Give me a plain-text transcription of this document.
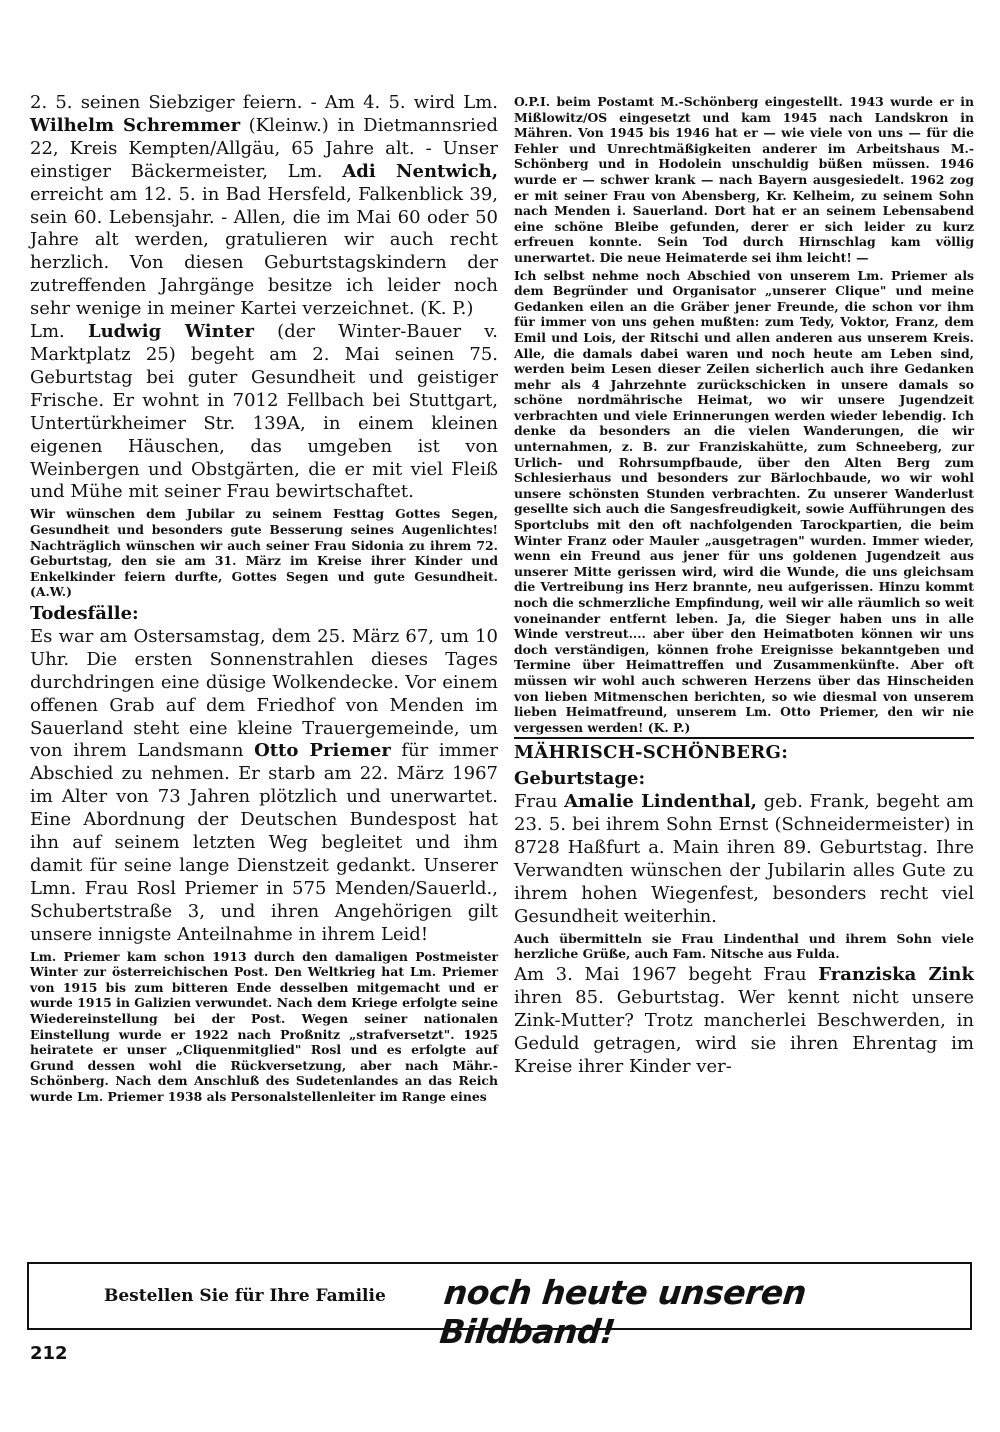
2. 5. seinen Siebziger feiern. - Am 4. 5. wird Lm. Wilhelm Schremmer (Kleinw.) in Dietmannsried 22, Kreis Kempten/Allgäu, 65 Jahre alt. - Unser einstiger Bäckermeister, Lm. Adi Nentwich, erreicht am 12. 5. in Bad Hersfeld, Falkenblick 39, sein 60. Lebensjahr. - Allen, die im Mai 60 oder 50 Jahre alt werden, gratulieren wir auch recht herzlich. Von diesen Geburtstagskindern der zutreffenden Jahrgänge besitze ich leider noch sehr wenige in meiner Kartei verzeichnet. (K. P.)

Lm. Ludwig Winter (der Winter-Bauer v. Marktplatz 25) begeht am 2. Mai seinen 75. Geburtstag bei guter Gesundheit und geistiger Frische. Er wohnt in 7012 Fellbach bei Stuttgart, Untertürkheimer Str. 139A, in einem kleinen eigenen Häuschen, das umgeben ist von Weinbergen und Obstgärten, die er mit viel Fleiß und Mühe mit seiner Frau bewirtschaftet.

Wir wünschen dem Jubilar zu seinem Festtag Gottes Segen, Gesundheit und besonders gute Besserung seines Augenlichtes! Nachträglich wünschen wir auch seiner Frau Sidonia zu ihrem 72. Geburtstag, den sie am 31. März im Kreise ihrer Kinder und Enkelkinder feiern durfte, Gottes Segen und gute Gesundheit. (A.W.)

Todesfälle:

Es war am Ostersamstag, dem 25. März 67, um 10 Uhr. Die ersten Sonnenstrahlen dieses Tages durchdringen eine düsige Wolkendecke. Vor einem offenen Grab auf dem Friedhof von Menden im Sauerland steht eine kleine Trauergemeinde, um von ihrem Landsmann Otto Priemer für immer Abschied zu nehmen. Er starb am 22. März 1967 im Alter von 73 Jahren plötzlich und unerwartet. Eine Abordnung der Deutschen Bundespost hat ihn auf seinem letzten Weg begleitet und ihm damit für seine lange Dienstzeit gedankt. Unserer Lmn. Frau Rosl Priemer in 575 Menden/Sauerld., Schubertstraße 3, und ihren Angehörigen gilt unsere innigste Anteilnahme in ihrem Leid!

Lm. Priemer kam schon 1913 durch den damaligen Postmeister Winter zur österreichischen Post. Den Weltkrieg hat Lm. Priemer von 1915 bis zum bitteren Ende desselben mitgemacht und er wurde 1915 in Galizien verwundet. Nach dem Kriege erfolgte seine Wiedereinstellung bei der Post. Wegen seiner nationalen Einstellung wurde er 1922 nach Proßnitz „strafversetzt". 1925 heiratete er unser „Cliquenmitglied" Rosl und es erfolgte auf Grund dessen wohl die Rückversetzung, aber nach Mähr.-Schönberg. Nach dem Anschluß des Sudetenlandes an das Reich wurde Lm. Priemer 1938 als Personalstellenleiter im Range eines

O.P.I. beim Postamt M.-Schönberg eingestellt. 1943 wurde er in Mißlowitz/OS eingesetzt und kam 1945 nach Landskron in Mähren. Von 1945 bis 1946 hat er — wie viele von uns — für die Fehler und Unrechtmäßigkeiten anderer im Arbeitshaus M.-Schönberg und in Hodolein unschuldig büßen müssen. 1946 wurde er — schwer krank — nach Bayern ausgesiedelt. 1962 zog er mit seiner Frau von Abensberg, Kr. Kelheim, zu seinem Sohn nach Menden i. Sauerland. Dort hat er an seinem Lebensabend eine schöne Bleibe gefunden, derer er sich leider zu kurz erfreuen konnte. Sein Tod durch Hirnschlag kam völlig unerwartet. Die neue Heimaterde sei ihm leicht! —

Ich selbst nehme noch Abschied von unserem Lm. Priemer als dem Begründer und Organisator „unserer Clique" und meine Gedanken eilen an die Gräber jener Freunde, die schon vor ihm für immer von uns gehen mußten: zum Tedy, Voktor, Franz, dem Emil und Lois, der Ritschi und allen anderen aus unserem Kreis. Alle, die damals dabei waren und noch heute am Leben sind, werden beim Lesen dieser Zeilen sicherlich auch ihre Gedanken mehr als 4 Jahrzehnte zurückschicken in unsere damals so schöne nordmährische Heimat, wo wir unsere Jugendzeit verbrachten und viele Erinnerungen werden wieder lebendig. Ich denke da besonders an die vielen Wanderungen, die wir unternahmen, z. B. zur Franziskahütte, zum Schneeberg, zur Urlich- und Rohrsumpfbaude, über den Alten Berg zum Schlesierhaus und besonders zur Bärlochbaude, wo wir wohl unsere schönsten Stunden verbrachten. Zu unserer Wanderlust gesellte sich auch die Sangesfreudigkeit, sowie Aufführungen des Sportclubs mit den oft nachfolgenden Tarockpartien, die beim Winter Franz oder Mauler „ausgetragen" wurden. Immer wieder, wenn ein Freund aus jener für uns goldenen Jugendzeit aus unserer Mitte gerissen wird, wird die Wunde, die uns gleichsam die Vertreibung ins Herz brannte, neu aufgerissen. Hinzu kommt noch die schmerzliche Empfindung, weil wir alle räumlich so weit voneinander entfernt leben. Ja, die Sieger haben uns in alle Winde verstreut.... aber über den Heimatboten können wir uns doch verständigen, können frohe Ereignisse bekanntgeben und Termine über Heimattreffen und Zusammenkünfte. Aber oft müssen wir wohl auch schweren Herzens über das Hinscheiden von lieben Mitmenschen berichten, so wie diesmal von unserem lieben Heimatfreund, unserem Lm. Otto Priemer, den wir nie vergessen werden! (K. P.)

MÄHRISCH-SCHÖNBERG:
Geburtstage:

Frau Amalie Lindenthal, geb. Frank, begeht am 23. 5. bei ihrem Sohn Ernst (Schneidermeister) in 8728 Haßfurt a. Main ihren 89. Geburtstag. Ihre Verwandten wünschen der Jubilarin alles Gute zu ihrem hohen Wiegenfest, besonders recht viel Gesundheit weiterhin.

Auch übermitteln sie Frau Lindenthal und ihrem Sohn viele herzliche Grüße, auch Fam. Nitsche aus Fulda.

Am 3. Mai 1967 begeht Frau Franziska Zink ihren 85. Geburtstag. Wer kennt nicht unsere Zink-Mutter? Trotz mancherlei Beschwerden, in Geduld getragen, wird sie ihren Ehrentag im Kreise ihrer Kinder ver-

Bestellen Sie für Ihre Familie noch heute unseren Bildband!
212
